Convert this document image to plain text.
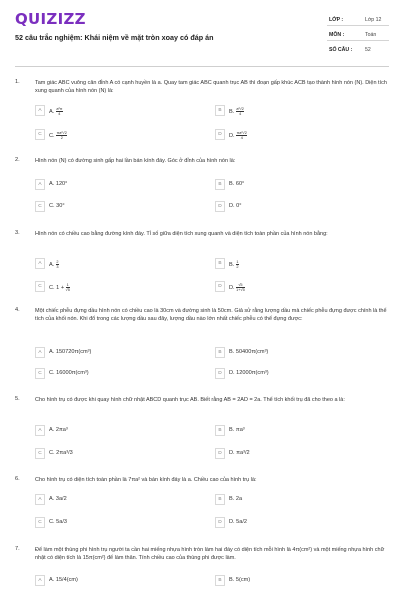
QUIZIZZ
52 câu trắc nghiệm: Khái niệm về mặt tròn xoay có đáp án
LỚP :	Lớp 12
MÔN :	Toán
SỐ CÂU : 52
1.	Tam giác ABC vuông cân đỉnh A có cạnh huyền là a. Quay tam giác ABC quanh trục AB thì đoạn gấp khúc ACB tạo thành hình nón (N). Diện tích xung quanh của hình nón (N) là:
A	A. $\frac{\text{a²π}}{4}$	B	B. $\frac{\text{a²√2}}{4}$
C	C. $\frac{\text{πa²√2}}{2}$	D	D. $\frac{\text{πa²√2}}{4}$
2.	Hình nón (N) có đường sinh gấp hai lần bán kính đáy. Góc ở đỉnh của hình nón là:
A	A. 120°	B	B. 60°
C	C. 30°	D	D. 0°
3.	Hình nón có chiều cao bằng đường kính đáy. Tỉ số giữa diện tích xung quanh và diện tích toàn phần của hình nón bằng:
A	A. $\frac{2}{3}$	B	B. $\frac{1}{2}$
C	C. $1 + \frac{1}{√5}$	D	D. $\frac{√5}{1+√5}$
4.	Một chiếc phễu đựng dầu hình nón có chiều cao là 30cm và đường sinh là 50cm. Giả sử rằng lượng dầu mà chiếc phễu đựng được chính là thể tích của khối nón. Khi đổ trong các lượng dầu sau đây, lượng dầu nào lớn nhất chiếc phễu có thể đựng được:
A	A. 150720π(cm³)	B	B. 50400π(cm³)
C	C. 16000π(cm³)	D	D. 12000π(cm³)
5.	Cho hình trụ có được khi quay hình chữ nhật ABCD quanh trục AB. Biết rằng AB = 2AD = 2a. Thể tích khối trụ đã cho theo a là:
A	A. 2πa³	B	B. πa³
C	C. 2πa³/3	D	D. πa³/2
6.	Cho hình trụ có diện tích toàn phần là 7πa² và bán kính đáy là a. Chiều cao của hình trụ là:
A	A. 3a/2	B	B. 2a
C	C. 5a/3	D	D. 5a/2
7.	Để làm một thùng phi hình trụ người ta cần hai miếng nhựa hình tròn làm hai đáy có diện tích mỗi hình là 4π(cm²) và một miếng nhựa hình chữ nhật có diện tích là 15π(cm²) để làm thân. Tính chiều cao của thùng phi được làm.
A	A. 15/4(cm)	B	B. 5(cm)
